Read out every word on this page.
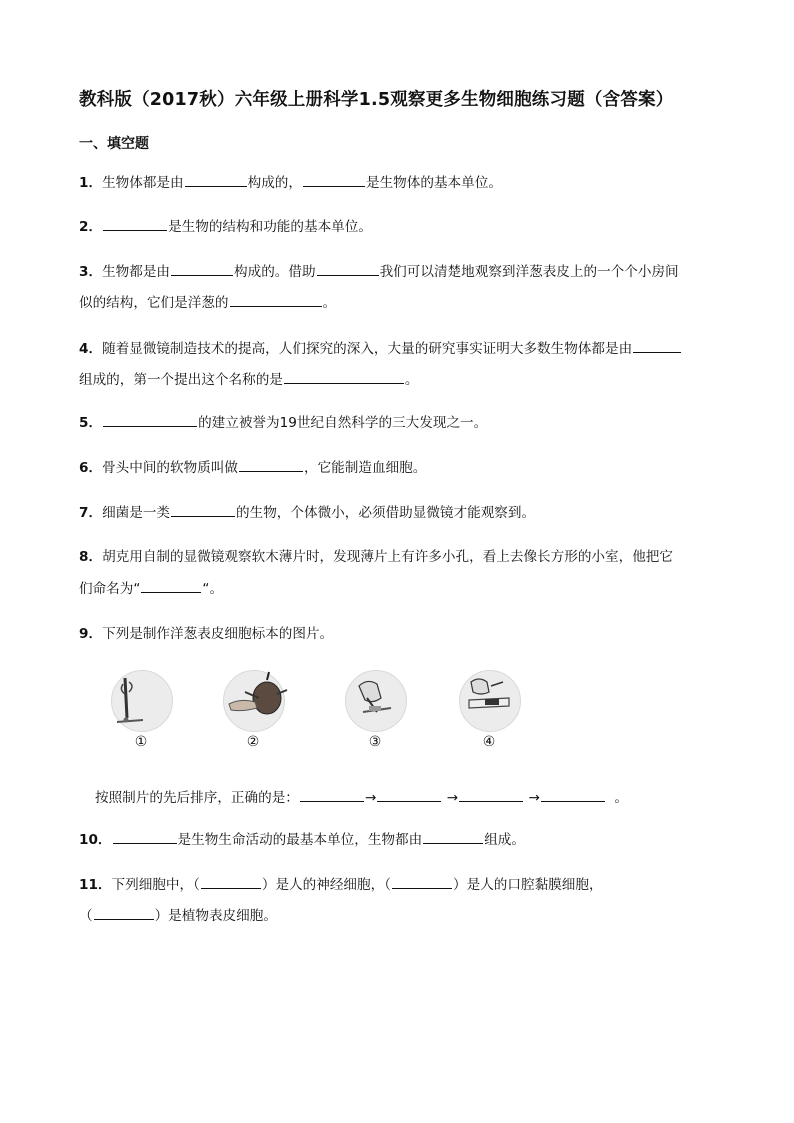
教科版（2017秋）六年级上册科学1.5观察更多生物细胞练习题（含答案）
一、填空题
1．生物体都是由	构成的，	是生物体的基本单位。
2．	是生物的结构和功能的基本单位。
3．生物都是由	构成的。借助	我们可以清楚地观察到洋葱表皮上的一个个小房间
似的结构，它们是洋葱的	。
4．随着显微镜制造技术的提高，人们探究的深入，大量的研究事实证明大多数生物体都是由
组成的，第一个提出这个名称的是	。
5．	的建立被誉为19世纪自然科学的三大发现之一。
6．骨头中间的软物质叫做	，它能制造血细胞。
7．细菌是一类	的生物，个体微小，必须借助显微镜才能观察到。
8．胡克用自制的显微镜观察软木薄片时，发现薄片上有许多小孔，看上去像长方形的小室，他把它
们命名为“	“。
9．下列是制作洋葱表皮细胞标本的图片。
①	②	③	④
按照制片的先后排序，正确的是：	→	→	→	。
10．	是生物生命活动的最基本单位，生物都由	组成。
11．下列细胞中，（	）是人的神经细胞，（	）是人的口腔黏膜细胞，
（	）是植物表皮细胞。
